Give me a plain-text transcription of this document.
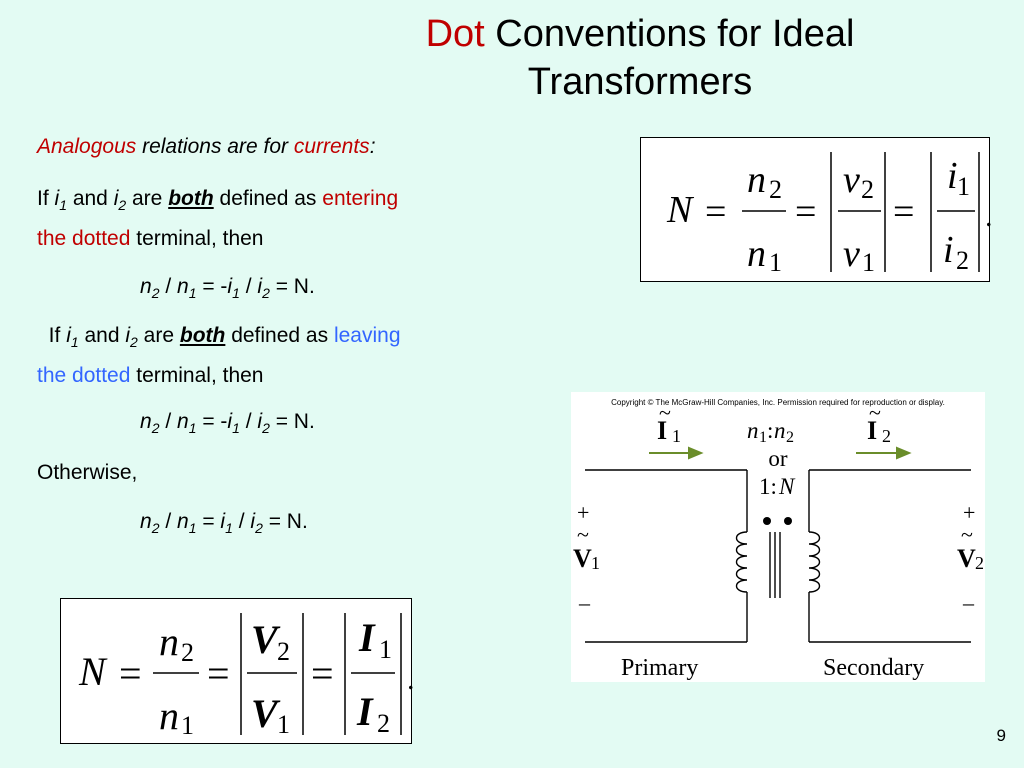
Dot Conventions for Ideal
Transformers
Analogous relations are for currents:
If $i_1$ and $i_2$ are both defined as entering
the dotted terminal, then
$n_2 / n_1 = -i_1 / i_2 = N$.
If $i_1$ and $i_2$ are both defined as leaving
the dotted terminal, then
$n_2 / n_1 = -i_1 / i_2 = N$.
Otherwise,
$n_2 / n_1 = i_1 / i_2 = N$.
N
n
n
v
v
i
i
2
1
2
1
1
2
= = = .
N
n
n
V
V
I
I
2
1
2
1
1
2
= = = .
Copyright © The McGraw-Hill Companies, Inc. Permission required for reproduction or display.
~
I 1
~
I 2
n 1 : n 2
or
1: N
+
~
V 1
–
+
~
V 2
–
Primary	Secondary
9
